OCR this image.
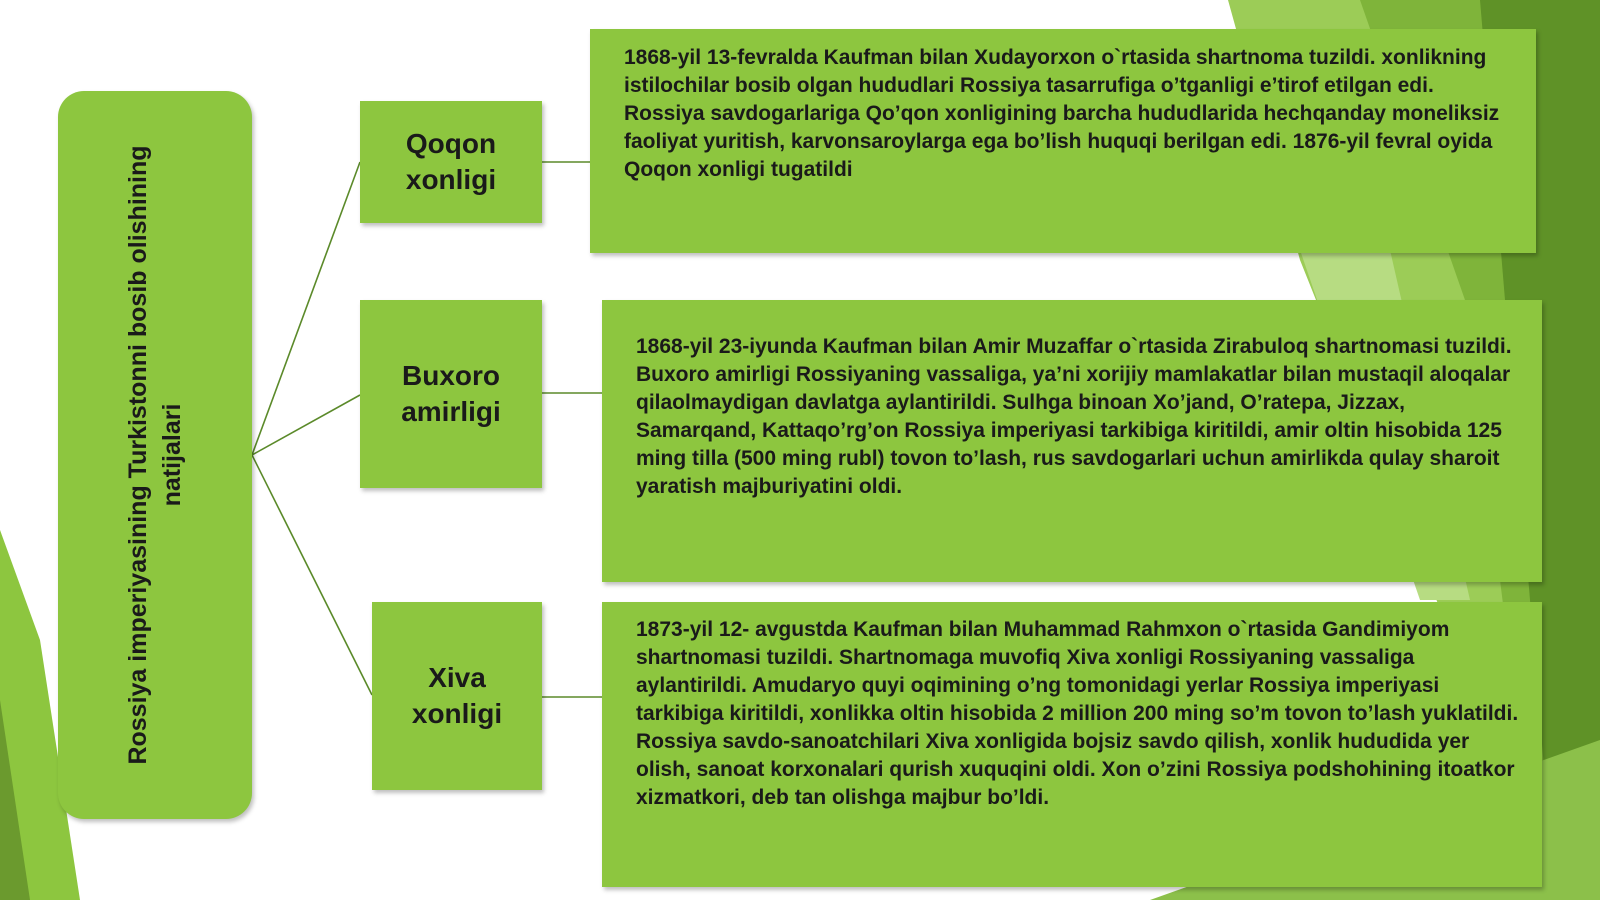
Rossiya imperiyasining Turkistonni bosib olishining natijalari
Qoqon xonligi
Buxoro amirligi
Xiva xonligi
1868-yil 13-fevralda Kaufman bilan Xudayorxon o`rtasida shartnoma tuzildi. xonlikning istilochilar bosib olgan hududlari Rossiya tasarrufiga o’tganligi e’tirof etilgan edi. Rossiya savdogarlariga Qo’qon xonligining barcha hududlarida hechqanday moneliksiz faoliyat yuritish, karvonsaroylarga ega bo’lish huquqi berilgan edi. 1876-yil fevral oyida Qoqon xonligi tugatildi
1868-yil 23-iyunda Kaufman bilan Amir Muzaffar o`rtasida Zirabuloq shartnomasi tuzildi. Buxoro amirligi Rossiyaning vassaliga, ya’ni xorijiy mamlakatlar bilan mustaqil aloqalar qilaolmaydigan davlatga aylantirildi. Sulhga binoan Xo’jand, O’ratepa, Jizzax, Samarqand, Kattaqo’rg’on Rossiya imperiyasi tarkibiga kiritildi, amir oltin hisobida 125 ming tilla (500 ming rubl) tovon to’lash, rus savdogarlari uchun amirlikda qulay sharoit yaratish majburiyatini oldi.
1873-yil 12- avgustda Kaufman bilan Muhammad Rahmxon o`rtasida Gandimiyom shartnomasi tuzildi. Shartnomaga muvofiq Xiva xonligi Rossiyaning vassaliga aylantirildi. Amudaryo quyi oqimining o’ng tomonidagi yerlar Rossiya imperiyasi tarkibiga kiritildi, xonlikka oltin hisobida 2 million 200 ming so’m tovon to’lash yuklatildi. Rossiya savdo-sanoatchilari Xiva xonligida bojsiz savdo qilish, xonlik hududida yer olish, sanoat korxonalari qurish xuquqini oldi. Xon o’zini Rossiya podshohining itoatkor xizmatkori, deb tan olishga majbur bo’ldi.
